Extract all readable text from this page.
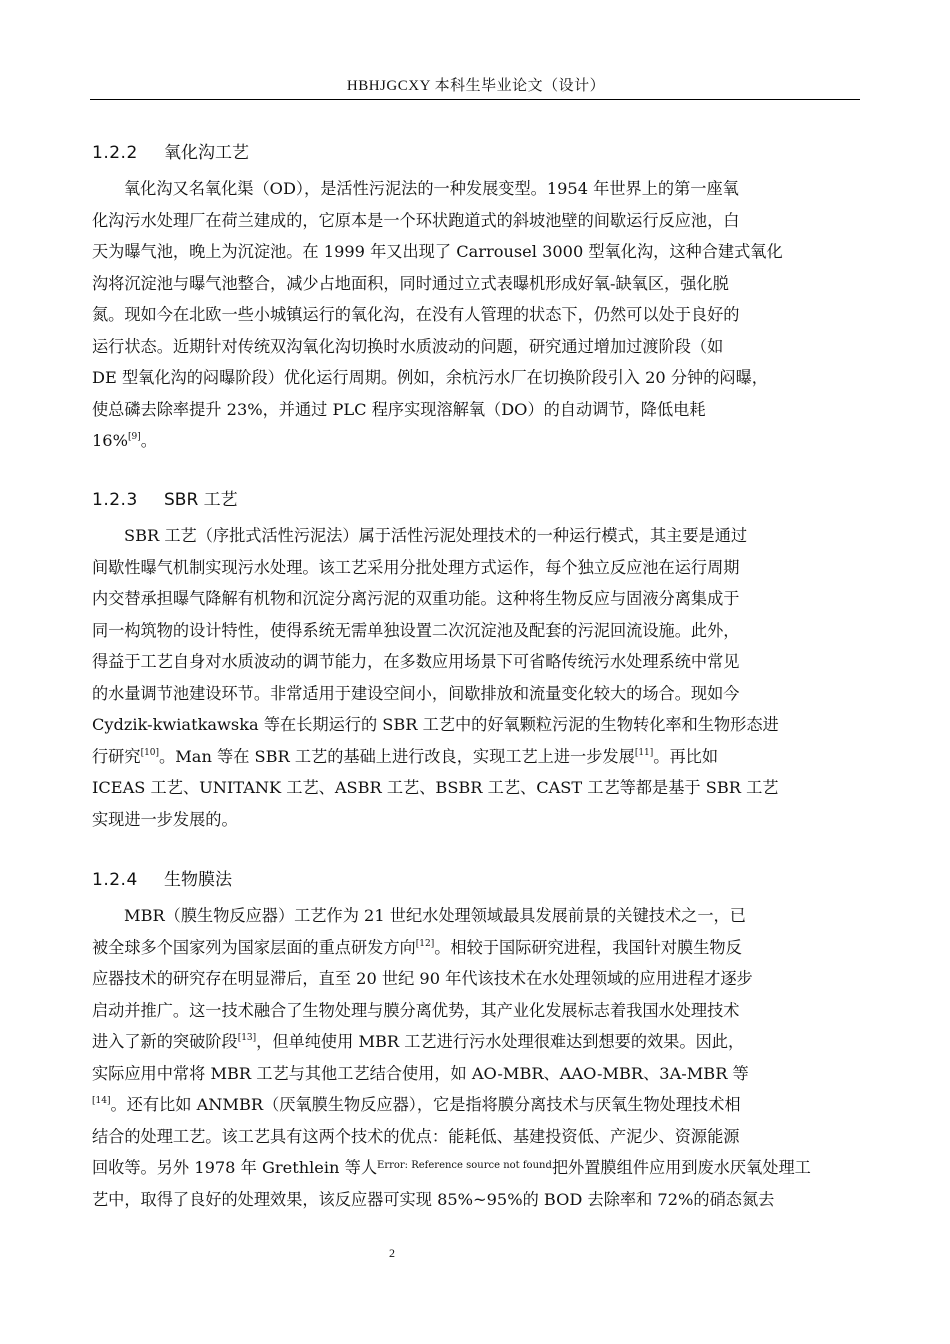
HBHJGCXY 本科生毕业论文（设计）
1.2.2 氧化沟工艺
氧化沟又名氧化渠（OD），是活性污泥法的一种发展变型。1954 年世界上的第一座氧
化沟污水处理厂在荷兰建成的，它原本是一个环状跑道式的斜坡池壁的间歇运行反应池，白
天为曝气池，晚上为沉淀池。在 1999 年又出现了 Carrousel 3000 型氧化沟，这种合建式氧化
沟将沉淀池与曝气池整合，减少占地面积，同时通过立式表曝机形成好氧-缺氧区，强化脱
氮。现如今在北欧一些小城镇运行的氧化沟，在没有人管理的状态下，仍然可以处于良好的
运行状态。近期针对传统双沟氧化沟切换时水质波动的问题，研究通过增加过渡阶段（如
DE 型氧化沟的闷曝阶段）优化运行周期。例如，余杭污水厂在切换阶段引入 20 分钟的闷曝，
使总磷去除率提升 23%，并通过 PLC 程序实现溶解氧（DO）的自动调节，降低电耗
16%[9]。
1.2.3 SBR 工艺
SBR 工艺（序批式活性污泥法）属于活性污泥处理技术的一种运行模式，其主要是通过
间歇性曝气机制实现污水处理。该工艺采用分批处理方式运作，每个独立反应池在运行周期
内交替承担曝气降解有机物和沉淀分离污泥的双重功能。这种将生物反应与固液分离集成于
同一构筑物的设计特性，使得系统无需单独设置二次沉淀池及配套的污泥回流设施。此外，
得益于工艺自身对水质波动的调节能力，在多数应用场景下可省略传统污水处理系统中常见
的水量调节池建设环节。非常适用于建设空间小，间歇排放和流量变化较大的场合。现如今
Cydzik-kwiatkawska 等在长期运行的 SBR 工艺中的好氧颗粒污泥的生物转化率和生物形态进
行研究[10]。Man 等在 SBR 工艺的基础上进行改良，实现工艺上进一步发展[11]。再比如
ICEAS 工艺、UNITANK 工艺、ASBR 工艺、BSBR 工艺、CAST 工艺等都是基于 SBR 工艺
实现进一步发展的。
1.2.4 生物膜法
MBR（膜生物反应器）工艺作为 21 世纪水处理领域最具发展前景的关键技术之一，已
被全球多个国家列为国家层面的重点研发方向[12]。相较于国际研究进程，我国针对膜生物反
应器技术的研究存在明显滞后，直至 20 世纪 90 年代该技术在水处理领域的应用进程才逐步
启动并推广。这一技术融合了生物处理与膜分离优势，其产业化发展标志着我国水处理技术
进入了新的突破阶段[13]，但单纯使用 MBR 工艺进行污水处理很难达到想要的效果。因此，
实际应用中常将 MBR 工艺与其他工艺结合使用，如 AO-MBR、AAO-MBR、3A-MBR 等
[14]。还有比如 ANMBR（厌氧膜生物反应器），它是指将膜分离技术与厌氧生物处理技术相
结合的处理工艺。该工艺具有这两个技术的优点：能耗低、基建投资低、产泥少、资源能源
回收等。另外 1978 年 Grethlein 等人$^{Error: Reference source not found}$把外置膜组件应用到废水厌氧处理工
艺中，取得了良好的处理效果，该反应器可实现 85%~95%的 BOD 去除率和 72%的硝态氮去
2
